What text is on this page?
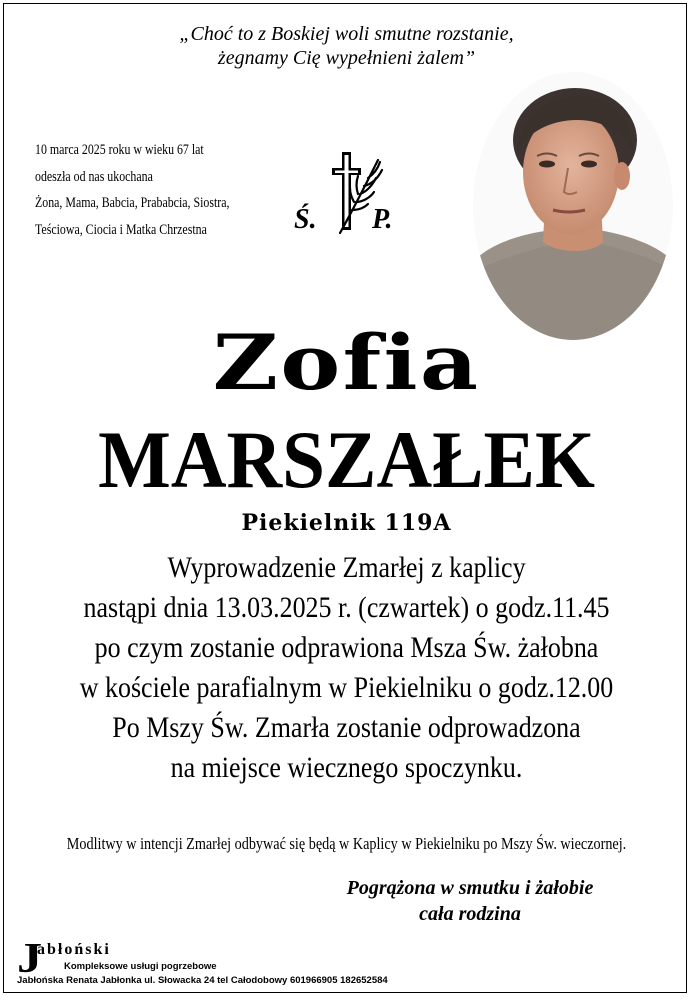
„Choć to z Boskiej woli smutne rozstanie,
żegnamy Cię wypełnieni żalem”
10 marca 2025 roku w wieku 67 lat
odeszła od nas ukochana
Żona, Mama, Babcia, Prababcia, Siostra,
Teściowa, Ciocia i Matka Chrzestna	Ś. P.
Zofia
MARSZAŁEK
Piekielnik 119A
Wyprowadzenie Zmarłej z kaplicy
nastąpi dnia 13.03.2025 r. (czwartek) o godz.11.45
po czym zostanie odprawiona Msza Św. żałobna
w kościele parafialnym w Piekielniku o godz.12.00
Po Mszy Św. Zmarła zostanie odprowadzona
na miejsce wiecznego spoczynku.
Modlitwy w intencji Zmarłej odbywać się będą w Kaplicy w Piekielniku po Mszy Św. wieczornej.
Pogrążona w smutku i żałobie
cała rodzina
J
abłoński
Kompleksowe usługi pogrzebowe
Jabłońska Renata Jabłonka ul. Słowacka 24 tel Całodobowy 601966905 182652584
